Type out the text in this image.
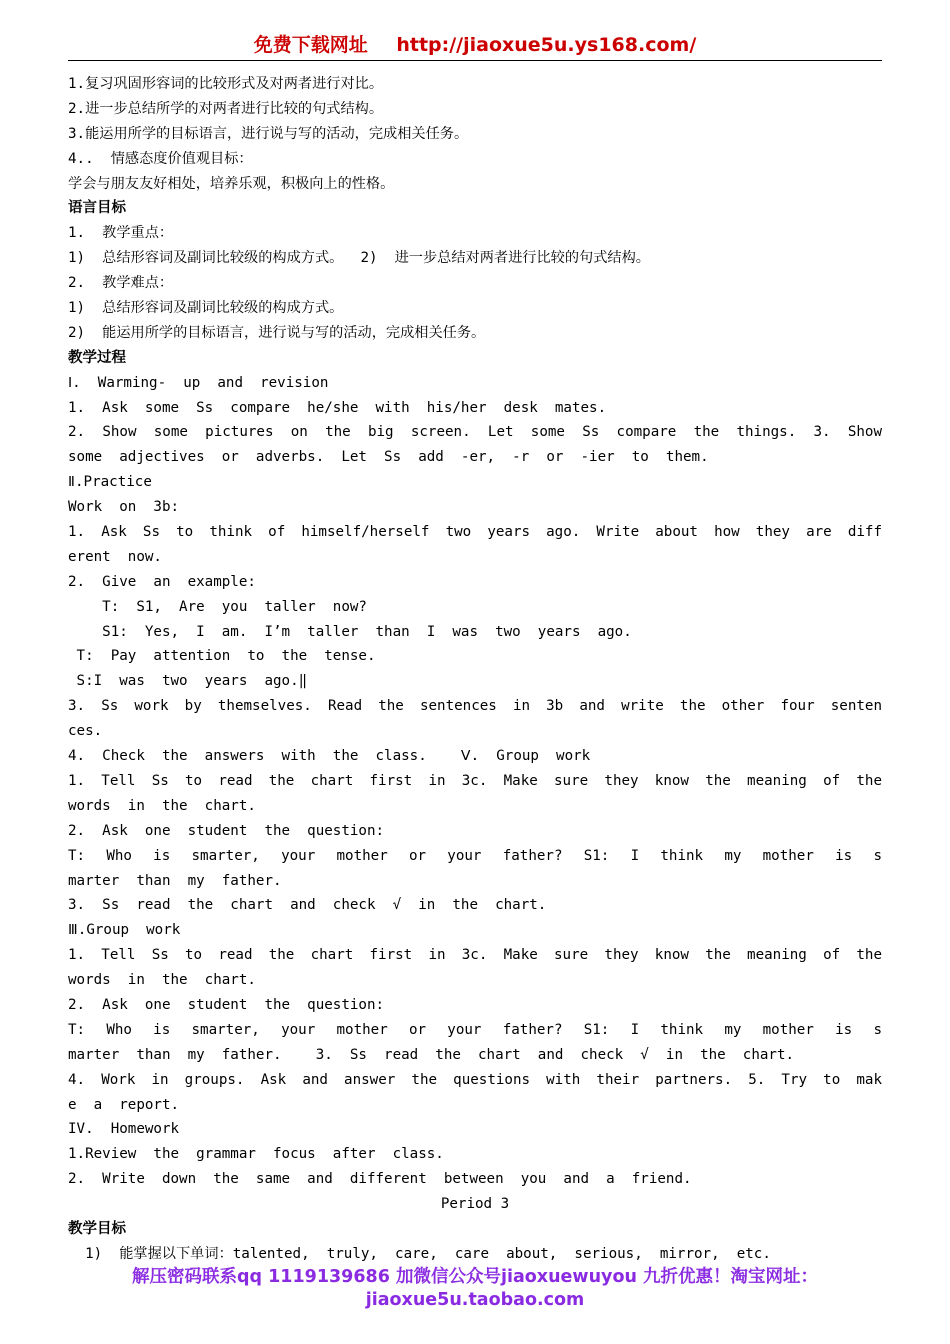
免费下载网址 http://jiaoxue5u.ys168.com/
1.复习巩固形容词的比较形式及对两者进行对比。
2.进一步总结所学的对两者进行比较的句式结构。
3.能运用所学的目标语言，进行说与写的活动，完成相关任务。
4..  情感态度价值观目标：
学会与朋友友好相处，培养乐观，积极向上的性格。
语言目标
1.  教学重点：
1)  总结形容词及副词比较级的构成方式。  2)  进一步总结对两者进行比较的句式结构。
2.  教学难点：
1)  总结形容词及副词比较级的构成方式。
2)  能运用所学的目标语言，进行说与写的活动，完成相关任务。
教学过程
Ⅰ.  Warming-  up  and  revision
1.  Ask  some  Ss  compare  he/she  with  his/her  desk  mates.
2. Show some pictures on the big screen. Let some Ss compare the things. 3. Show
some  adjectives  or  adverbs.  Let  Ss  add  -er,  -r  or  -ier  to  them.
Ⅱ.Practice
Work  on  3b:
1. Ask Ss to think of himself/herself two years ago. Write about how they are diff
erent  now.
2.  Give  an  example:
T:  S1,  Are  you  taller  now?
S1:  Yes,  I  am.  I’m  taller  than  I  was  two  years  ago.
T:  Pay  attention  to  the  tense.
S:I  was  two  years  ago.‖
3. Ss work by themselves. Read the sentences in 3b and write the other four senten
ces.
4.  Check  the  answers  with  the  class.    Ⅴ.  Group  work
1. Tell Ss to read the chart first in 3c. Make sure they know the meaning of the
words  in  the  chart.
2.  Ask  one  student  the  question:
T: Who is smarter, your mother or your father? S1: I think my mother is s
marter  than  my  father.
3.  Ss  read  the  chart  and  check  √  in  the  chart.
Ⅲ.Group  work
1. Tell Ss to read the chart first in 3c. Make sure they know the meaning of the
words  in  the  chart.
2.  Ask  one  student  the  question:
T: Who is smarter, your mother or your father? S1: I think my mother is s
marter  than  my  father.    3.  Ss  read  the  chart  and  check  √  in  the  chart.
4. Work in groups. Ask and answer the questions with their partners. 5. Try to mak
e  a  report.
IV.  Homework
1.Review  the  grammar  focus  after  class.
2.  Write  down  the  same  and  different  between  you  and  a  friend.
Period 3
教学目标
1)  能掌握以下单词：talented,  truly,  care,  care  about,  serious,  mirror,  etc.
解压密码联系qq 1119139686 加微信公众号jiaoxuewuyou 九折优惠！淘宝网址：
jiaoxue5u.taobao.com
